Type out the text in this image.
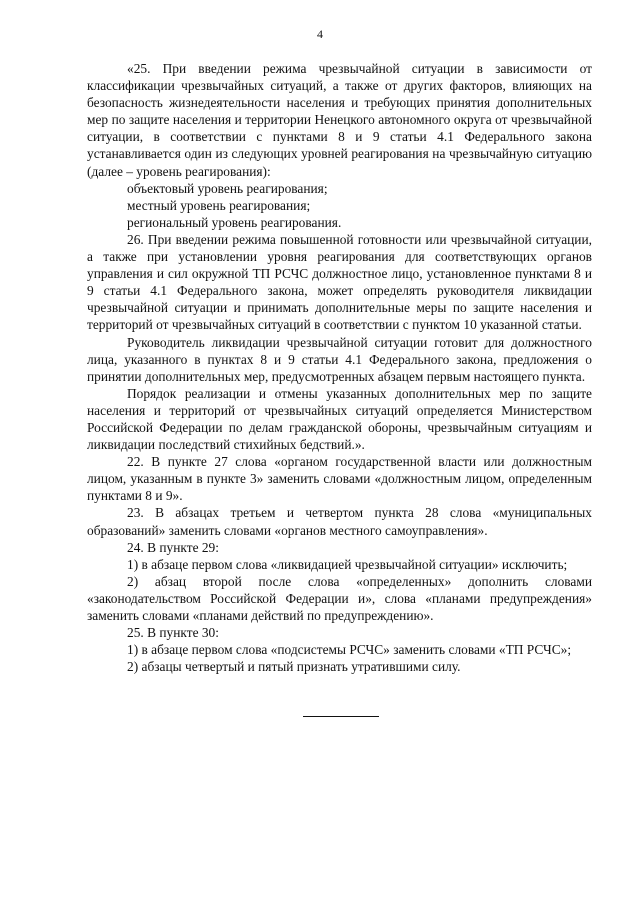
4

«25. При введении режима чрезвычайной ситуации в зависимости от классификации чрезвычайных ситуаций, а также от других факторов, влияющих на безопасность жизнедеятельности населения и требующих принятия дополнительных мер по защите населения и территории Ненецкого автономного округа от чрезвычайной ситуации, в соответствии с пунктами 8 и 9 статьи 4.1 Федерального закона устанавливается один из следующих уровней реагирования на чрезвычайную ситуацию (далее – уровень реагирования):

объектовый уровень реагирования;

местный уровень реагирования;

региональный уровень реагирования.

26. При введении режима повышенной готовности или чрезвычайной ситуации, а также при установлении уровня реагирования для соответствующих органов управления и сил окружной ТП РСЧС должностное лицо, установленное пунктами 8 и 9 статьи 4.1 Федерального закона, может определять руководителя ликвидации чрезвычайной ситуации и принимать дополнительные меры по защите населения и территорий от чрезвычайных ситуаций в соответствии с пунктом 10 указанной статьи.

Руководитель ликвидации чрезвычайной ситуации готовит для должностного лица, указанного в пунктах 8 и 9 статьи 4.1 Федерального закона, предложения о принятии дополнительных мер, предусмотренных абзацем первым настоящего пункта.

Порядок реализации и отмены указанных дополнительных мер по защите населения и территорий от чрезвычайных ситуаций определяется Министерством Российской Федерации по делам гражданской обороны, чрезвычайным ситуациям и ликвидации последствий стихийных бедствий.».

22. В пункте 27 слова «органом государственной власти или должностным лицом, указанным в пункте 3» заменить словами «должностным лицом, определенным пунктами 8 и 9».

23. В абзацах третьем и четвертом пункта 28 слова «муниципальных образований» заменить словами «органов местного самоуправления».

24. В пункте 29:

1) в абзаце первом слова «ликвидацией чрезвычайной ситуации» исключить;

2) абзац второй после слова «определенных» дополнить словами «законодательством Российской Федерации и», слова «планами предупреждения» заменить словами «планами действий по предупреждению».

25. В пункте 30:

1) в абзаце первом слова «подсистемы РСЧС» заменить словами «ТП РСЧС»;

2) абзацы четвертый и пятый признать утратившими силу.
